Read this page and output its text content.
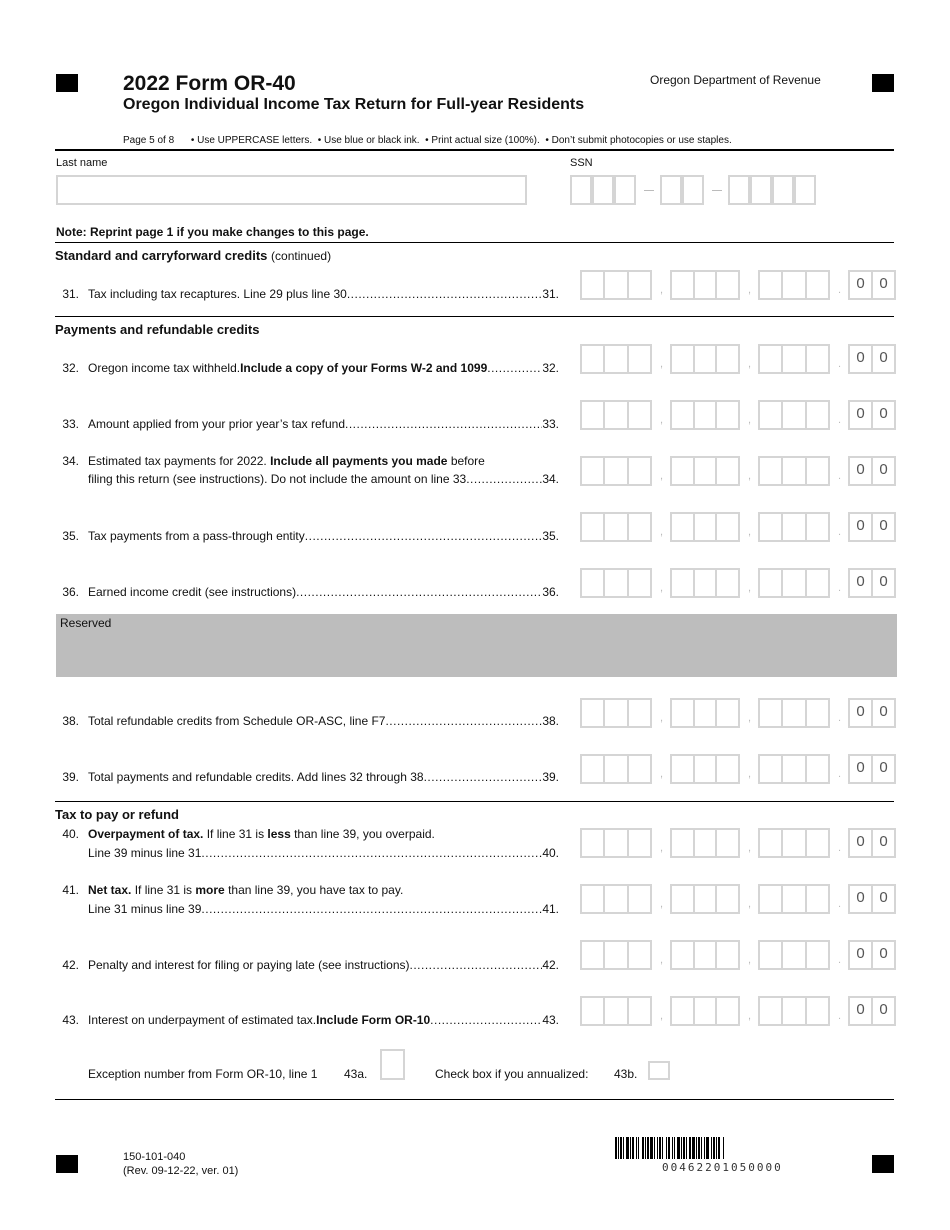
2022 Form OR-40
Oregon Individual Income Tax Return for Full-year Residents
Oregon Department of Revenue
Page 5 of 8 • Use UPPERCASE letters.  • Use blue or black ink.  • Print actual size (100%).  • Don’t submit photocopies or use staples.
Last name	SSN
Note: Reprint page 1 if you make changes to this page.
Standard and carryforward credits (continued)
31. Tax including tax recaptures. Line 29 plus line 30 .....	31.	,	,	.	0 0
Payments and refundable credits
32. Oregon income tax withheld. Include a copy of your Forms W-2 and 1099 .....	32.	,	,	.	0 0
33. Amount applied from your prior year’s tax refund .....	33.	,	,	.	0 0
34. Estimated tax payments for 2022. Include all payments you made before
filing this return (see instructions). Do not include the amount on line 33 .....	34.	,	,	.	0 0
35. Tax payments from a pass-through entity .....	35.	,	,	.	0 0
36. Earned income credit (see instructions) .....	36.	,	,	.	0 0
Reserved
38. Total refundable credits from Schedule OR-ASC, line F7 .....	38.	,	,	.	0 0
39. Total payments and refundable credits. Add lines 32 through 38 .....	39.	,	,	.	0 0
Tax to pay or refund
40. Overpayment of tax. If line 31 is less than line 39, you overpaid.
Line 39 minus line 31 .....	40.	,	,	.	0 0
41. Net tax. If line 31 is more than line 39, you have tax to pay.
Line 31 minus line 39 .....	41.	,	,	.	0 0
42. Penalty and interest for filing or paying late (see instructions) .....	42.	,	,	.	0 0
43. Interest on underpayment of estimated tax. Include Form OR-10 .....	43.	,	,	.	0 0
Exception number from Form OR-10, line 1 43a.	Check box if you annualized: 43b.
150-101-040
(Rev. 09-12-22, ver. 01)	00462201050000
